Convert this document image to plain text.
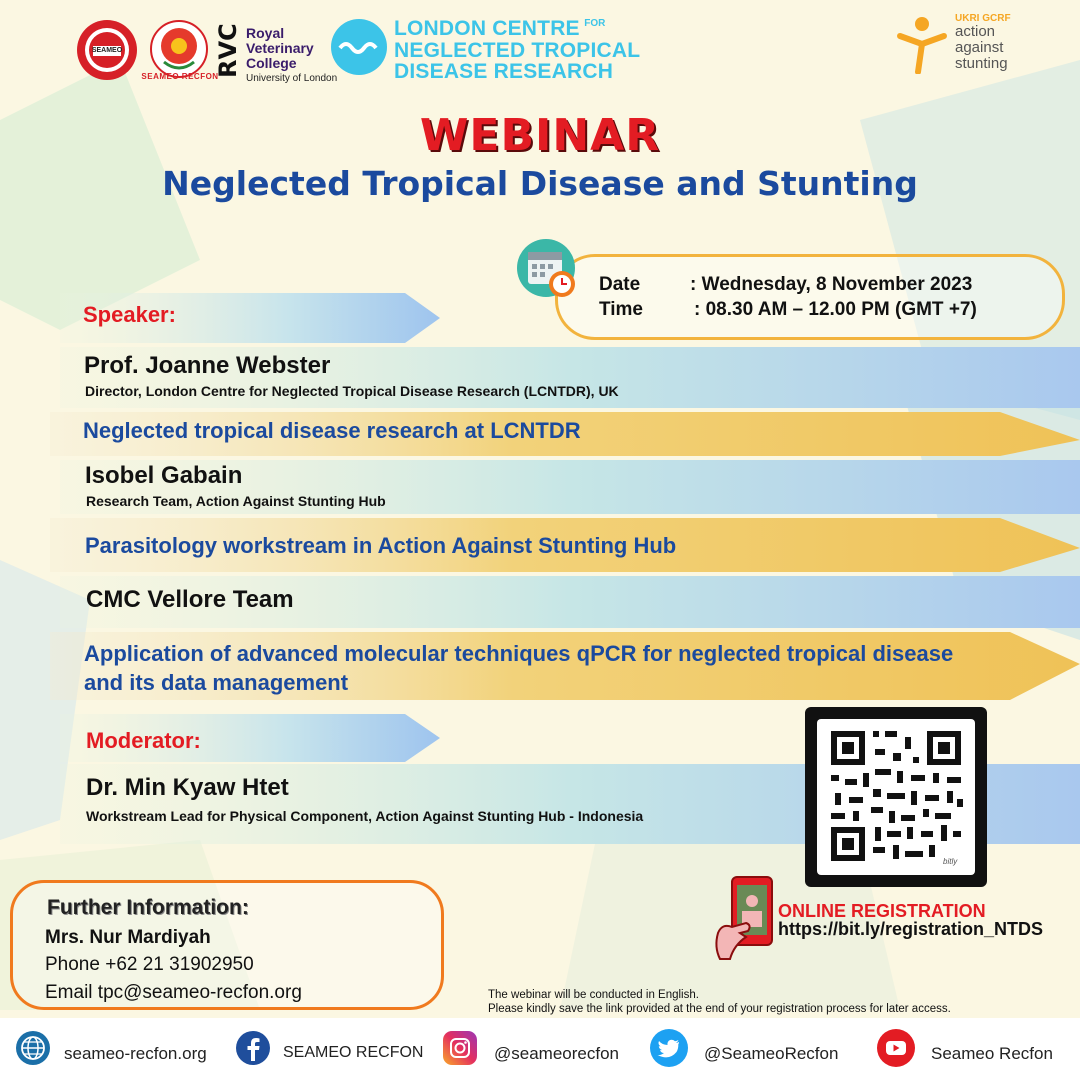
SEAMEO
SEAMEO RECFON
RVC Royal
Veterinary
College
University of London
LONDON CENTRE $^{FOR}$
NEGLECTED TROPICAL
DISEASE RESEARCH
UKRI GCRF
action
against
stunting
WEBINAR
Neglected Tropical Disease and Stunting
Date	: Wednesday, 8 November 2023
Time	: 08.30 AM – 12.00 PM (GMT +7)
Speaker:
Prof. Joanne Webster
Director, London Centre for Neglected Tropical Disease Research (LCNTDR), UK
Neglected tropical disease research at LCNTDR
Isobel Gabain
Research Team, Action Against Stunting Hub
Parasitology workstream in Action Against Stunting Hub
CMC Vellore Team
Application of advanced molecular techniques qPCR for neglected tropical disease
and its data management
Moderator:
Dr. Min Kyaw Htet
Workstream Lead for Physical Component, Action Against Stunting Hub - Indonesia
bitly
ONLINE REGISTRATION
https://bit.ly/registration_NTDS
Further Information:
Mrs. Nur Mardiyah
Phone +62 21 31902950
Email tpc@seameo-recfon.org	The webinar will be conducted in English.
Please kindly save the link provided at the end of your registration process for later access.
seameo-recfon.org	SEAMEO RECFON	@seameorecfon	@SeameoRecfon	Seameo Recfon
